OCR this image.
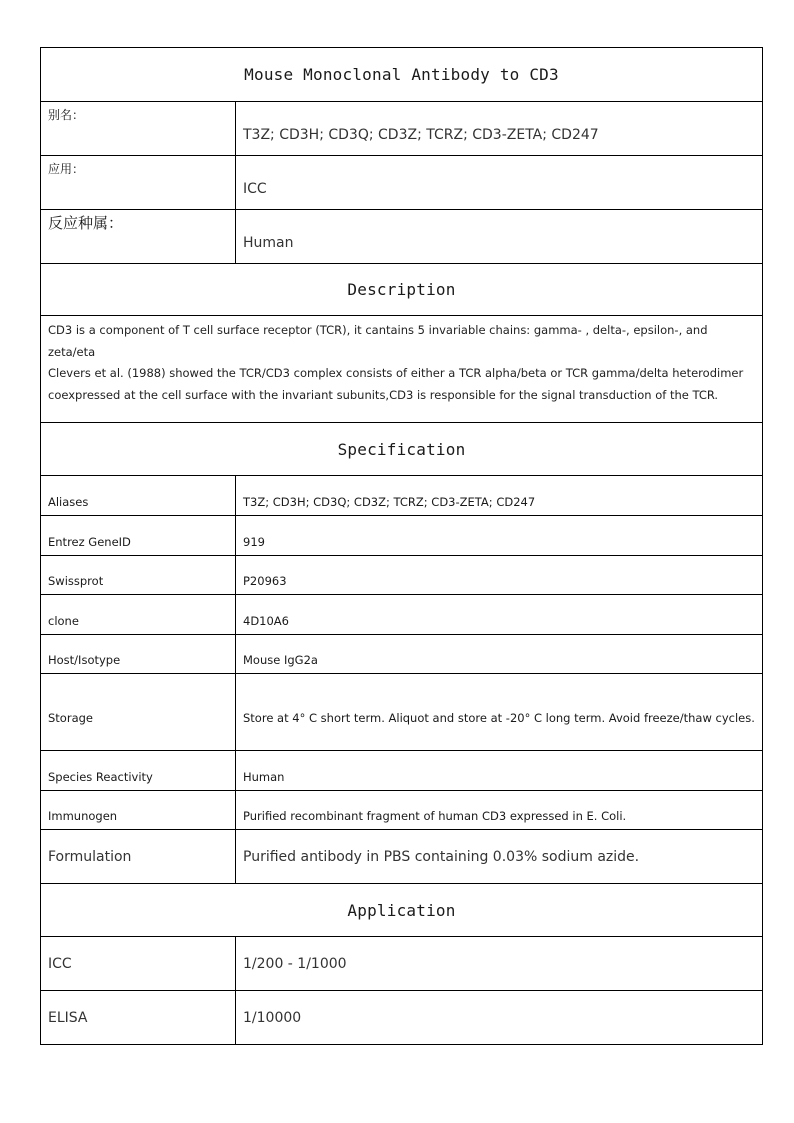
Mouse Monoclonal Antibody to CD3
别名：
T3Z; CD3H; CD3Q; CD3Z; TCRZ; CD3-ZETA; CD247
应用：
ICC
反应种属：
Human
Description
CD3 is a component of T cell surface receptor (TCR), it cantains 5 invariable chains: gamma- , delta-, epsilon-, and zeta/eta
Clevers et al. (1988) showed the TCR/CD3 complex consists of either a TCR alpha/beta or TCR gamma/delta heterodimer
coexpressed at the cell surface with the invariant subunits,CD3 is responsible for the signal transduction of the TCR.
Specification
Aliases	T3Z; CD3H; CD3Q; CD3Z; TCRZ; CD3-ZETA; CD247
Entrez GeneID	919
Swissprot	P20963
clone	4D10A6
Host/Isotype	Mouse IgG2a
Storage	Store at 4° C short term. Aliquot and store at -20° C long term. Avoid freeze/thaw cycles.
Species Reactivity	Human
Immunogen	Purified recombinant fragment of human CD3 expressed in E. Coli.
Formulation	Purified antibody in PBS containing 0.03% sodium azide.
Application
ICC	1/200 - 1/1000
ELISA	1/10000
